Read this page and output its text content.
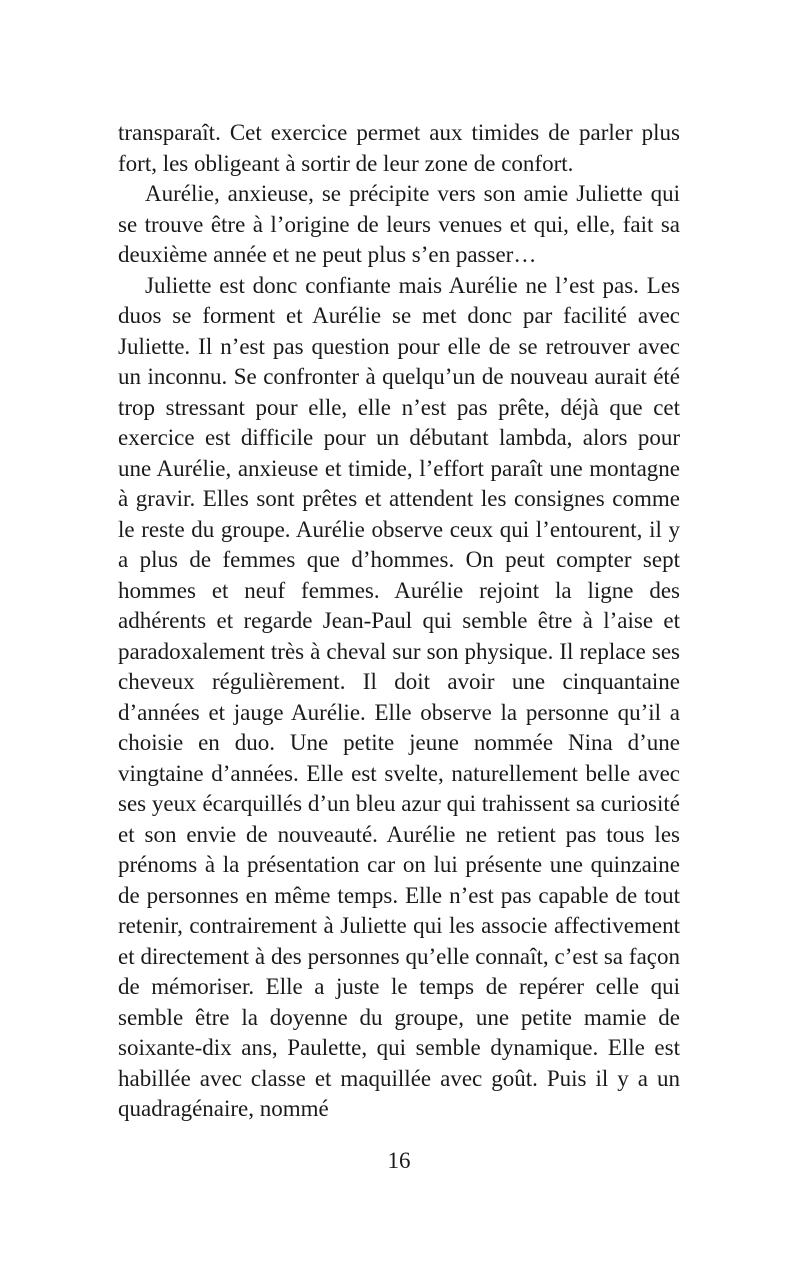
transparaît. Cet exercice permet aux timides de parler plus fort, les obligeant à sortir de leur zone de confort.

Aurélie, anxieuse, se précipite vers son amie Juliette qui se trouve être à l’origine de leurs venues et qui, elle, fait sa deuxième année et ne peut plus s’en passer…

Juliette est donc confiante mais Aurélie ne l’est pas. Les duos se forment et Aurélie se met donc par facilité avec Juliette. Il n’est pas question pour elle de se retrouver avec un inconnu. Se confronter à quelqu’un de nouveau aurait été trop stressant pour elle, elle n’est pas prête, déjà que cet exercice est difficile pour un débutant lambda, alors pour une Aurélie, anxieuse et timide, l’effort paraît une montagne à gravir. Elles sont prêtes et attendent les consignes comme le reste du groupe. Aurélie observe ceux qui l’entourent, il y a plus de femmes que d’hommes. On peut compter sept hommes et neuf femmes. Aurélie rejoint la ligne des adhérents et regarde Jean-Paul qui semble être à l’aise et paradoxalement très à cheval sur son physique. Il replace ses cheveux régulièrement. Il doit avoir une cinquantaine d’années et jauge Aurélie. Elle observe la personne qu’il a choisie en duo. Une petite jeune nommée Nina d’une vingtaine d’années. Elle est svelte, naturellement belle avec ses yeux écarquillés d’un bleu azur qui trahissent sa curiosité et son envie de nouveauté. Aurélie ne retient pas tous les prénoms à la présentation car on lui présente une quinzaine de personnes en même temps. Elle n’est pas capable de tout retenir, contrairement à Juliette qui les associe affectivement et directement à des personnes qu’elle connaît, c’est sa façon de mémoriser. Elle a juste le temps de repérer celle qui semble être la doyenne du groupe, une petite mamie de soixante-dix ans, Paulette, qui semble dynamique. Elle est habillée avec classe et maquillée avec goût. Puis il y a un quadragénaire, nommé

16
